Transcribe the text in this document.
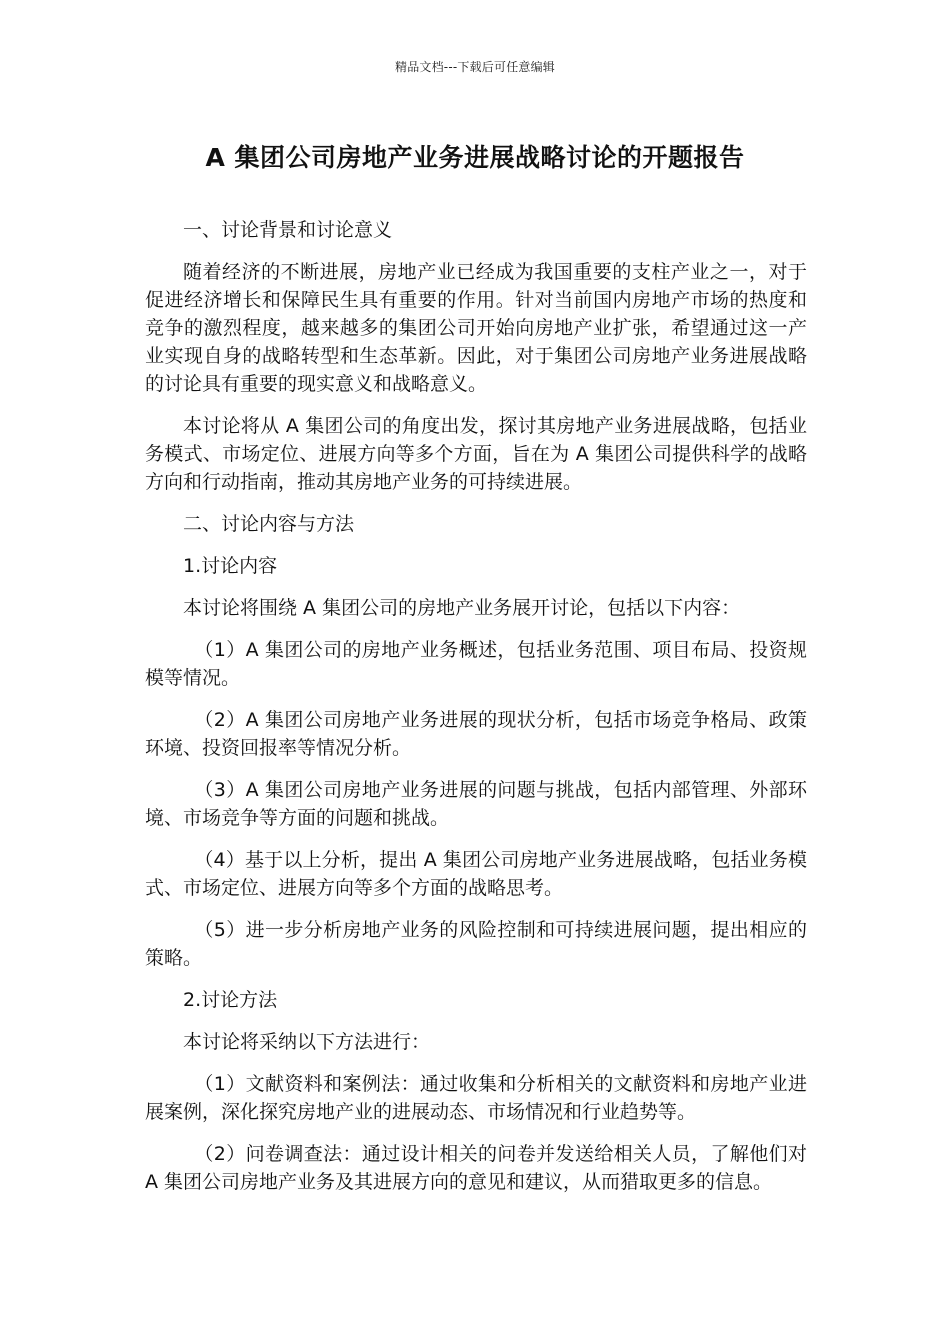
精品文档---下载后可任意编辑
A 集团公司房地产业务进展战略讨论的开题报告

一、讨论背景和讨论意义

随着经济的不断进展，房地产业已经成为我国重要的支柱产业之一，对于促进经济增长和保障民生具有重要的作用。针对当前国内房地产市场的热度和竞争的激烈程度，越来越多的集团公司开始向房地产业扩张，希望通过这一产业实现自身的战略转型和生态革新。因此，对于集团公司房地产业务进展战略的讨论具有重要的现实意义和战略意义。

本讨论将从 A 集团公司的角度出发，探讨其房地产业务进展战略，包括业务模式、市场定位、进展方向等多个方面，旨在为 A 集团公司提供科学的战略方向和行动指南，推动其房地产业务的可持续进展。

二、讨论内容与方法

1.讨论内容

本讨论将围绕 A 集团公司的房地产业务展开讨论，包括以下内容：

（1）A 集团公司的房地产业务概述，包括业务范围、项目布局、投资规模等情况。

（2）A 集团公司房地产业务进展的现状分析，包括市场竞争格局、政策环境、投资回报率等情况分析。

（3）A 集团公司房地产业务进展的问题与挑战，包括内部管理、外部环境、市场竞争等方面的问题和挑战。

（4）基于以上分析，提出 A 集团公司房地产业务进展战略，包括业务模式、市场定位、进展方向等多个方面的战略思考。

（5）进一步分析房地产业务的风险控制和可持续进展问题，提出相应的策略。

2.讨论方法

本讨论将采纳以下方法进行：

（1）文献资料和案例法：通过收集和分析相关的文献资料和房地产业进展案例，深化探究房地产业的进展动态、市场情况和行业趋势等。

（2）问卷调查法：通过设计相关的问卷并发送给相关人员，了解他们对 A 集团公司房地产业务及其进展方向的意见和建议，从而猎取更多的信息。
